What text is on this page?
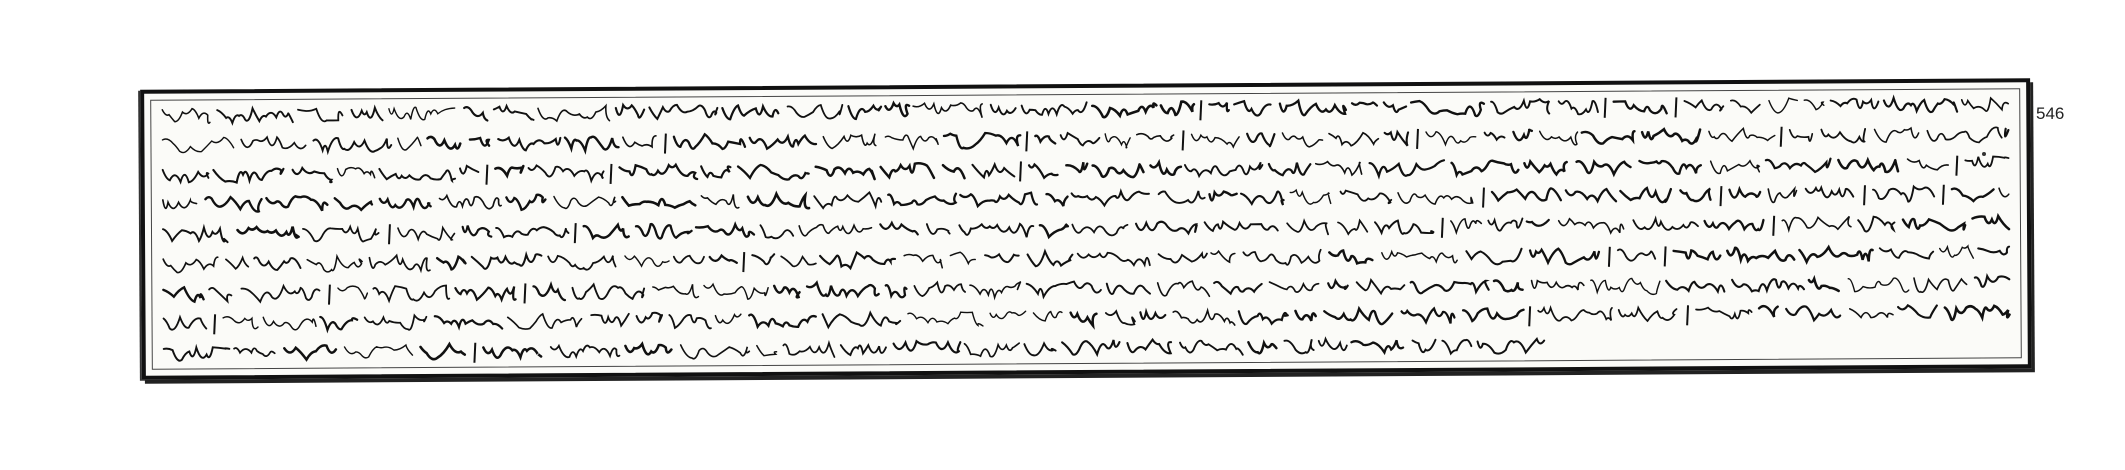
546
